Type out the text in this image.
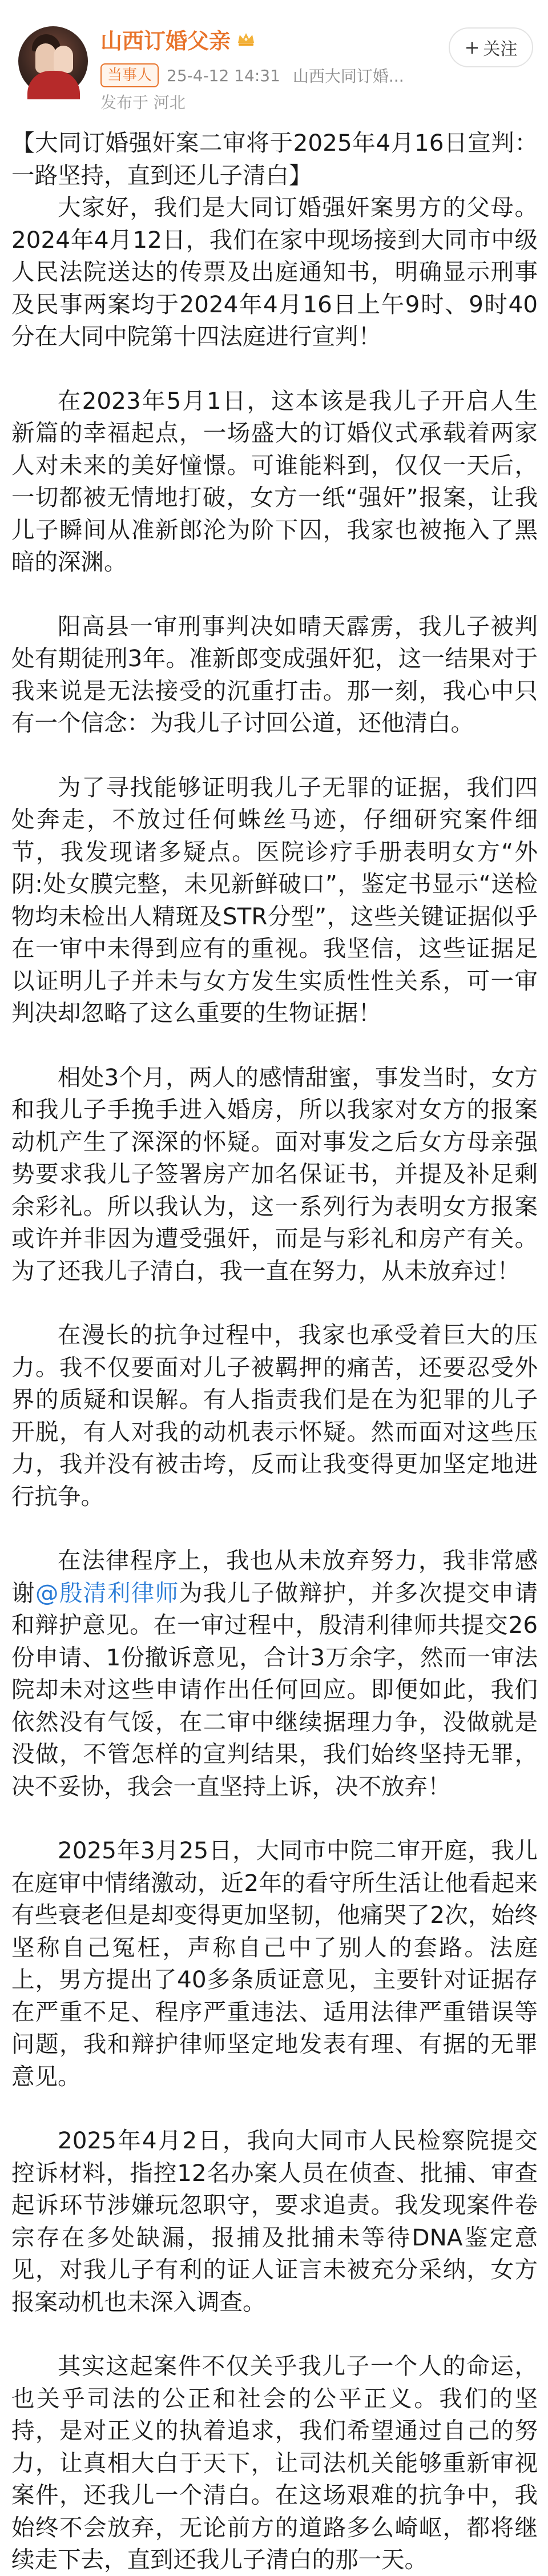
山西订婚父亲
当事人 25-4-12 14:31 山西大同订婚...
发布于 河北
+ 关注

【大同订婚强奸案二审将于2025年4月16日宣判：一路坚持，直到还儿子清白】

大家好，我们是大同订婚强奸案男方的父母。2024年4月12日，我们在家中现场接到大同市中级人民法院送达的传票及出庭通知书，明确显示刑事及民事两案均于2024年4月16日上午9时、9时40分在大同中院第十四法庭进行宣判！

在2023年5月1日，这本该是我儿子开启人生新篇的幸福起点，一场盛大的订婚仪式承载着两家人对未来的美好憧憬。可谁能料到，仅仅一天后，一切都被无情地打破，女方一纸“强奸”报案，让我儿子瞬间从准新郎沦为阶下囚，我家也被拖入了黑暗的深渊。

阳高县一审刑事判决如晴天霹雳，我儿子被判处有期徒刑3年。准新郎变成强奸犯，这一结果对于我来说是无法接受的沉重打击。那一刻，我心中只有一个信念：为我儿子讨回公道，还他清白。

为了寻找能够证明我儿子无罪的证据，我们四处奔走，不放过任何蛛丝马迹，仔细研究案件细节，我发现诸多疑点。医院诊疗手册表明女方“外阴:处女膜完整，未见新鲜破口”，鉴定书显示“送检物均未检出人精斑及STR分型”，这些关键证据似乎在一审中未得到应有的重视。我坚信，这些证据足以证明儿子并未与女方发生实质性性关系，可一审判决却忽略了这么重要的生物证据！

相处3个月，两人的感情甜蜜，事发当时，女方和我儿子手挽手进入婚房，所以我家对女方的报案动机产生了深深的怀疑。面对事发之后女方母亲强势要求我儿子签署房产加名保证书，并提及补足剩余彩礼。所以我认为，这一系列行为表明女方报案或许并非因为遭受强奸，而是与彩礼和房产有关。为了还我儿子清白，我一直在努力，从未放弃过！

在漫长的抗争过程中，我家也承受着巨大的压力。我不仅要面对儿子被羁押的痛苦，还要忍受外界的质疑和误解。有人指责我们是在为犯罪的儿子开脱，有人对我的动机表示怀疑。然而面对这些压力，我并没有被击垮，反而让我变得更加坚定地进行抗争。

在法律程序上，我也从未放弃努力，我非常感谢@殷清利律师为我儿子做辩护，并多次提交申请和辩护意见。在一审过程中，殷清利律师共提交26份申请、1份撤诉意见，合计3万余字，然而一审法院却未对这些申请作出任何回应。即便如此，我们依然没有气馁，在二审中继续据理力争，没做就是没做，不管怎样的宣判结果，我们始终坚持无罪，决不妥协，我会一直坚持上诉，决不放弃！

2025年3月25日，大同市中院二审开庭，我儿在庭审中情绪激动，近2年的看守所生活让他看起来有些衰老但是却变得更加坚韧，他痛哭了2次，始终坚称自己冤枉，声称自己中了别人的套路。法庭上，男方提出了40多条质证意见，主要针对证据存在严重不足、程序严重违法、适用法律严重错误等问题，我和辩护律师坚定地发表有理、有据的无罪意见。

2025年4月2日，我向大同市人民检察院提交控诉材料，指控12名办案人员在侦查、批捕、审查起诉环节涉嫌玩忽职守，要求追责。我发现案件卷宗存在多处缺漏，报捕及批捕未等待DNA鉴定意见，对我儿子有利的证人证言未被充分采纳，女方报案动机也未深入调查。

其实这起案件不仅关乎我儿子一个人的命运，也关乎司法的公正和社会的公平正义。我们的坚持，是对正义的执着追求，我们希望通过自己的努力，让真相大白于天下，让司法机关能够重新审视案件，还我儿一个清白。在这场艰难的抗争中，我始终不会放弃，无论前方的道路多么崎岖，都将继续走下去，直到还我儿子清白的那一天。
